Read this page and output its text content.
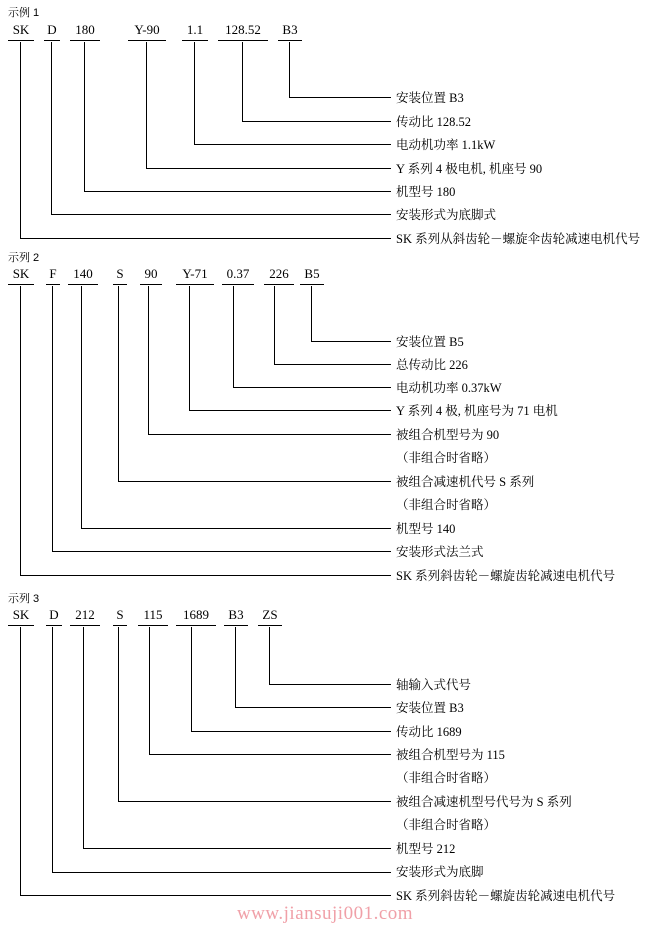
示例 1
SK	D	180	Y-90	1.1	128.52	B3
安装位置 B3
传动比 128.52
电动机功率 1.1kW
Y 系列 4 极电机, 机座号 90
机型号 180
安装形式为底脚式
SK 系列从斜齿轮－螺旋伞齿轮减速电机代号
示列 2
SK	F	140	S	90	Y-71	0.37	226	B5
安装位置 B5
总传动比 226
电动机功率 0.37kW
Y 系列 4 极, 机座号为 71 电机
被组合机型号为 90
（非组合时省略）
被组合减速机代号 S 系列
（非组合时省略）
机型号 140
安装形式法兰式
SK 系列斜齿轮－螺旋齿轮减速电机代号
示列 3
SK	D	212	S	115	1689	B3	ZS
轴输入式代号
安装位置 B3
传动比 1689
被组合机型号为 115
（非组合时省略）
被组合减速机型号代号为 S 系列
（非组合时省略）
机型号 212
安装形式为底脚
SK 系列斜齿轮－螺旋齿轮减速电机代号
www.jiansuji001.com
